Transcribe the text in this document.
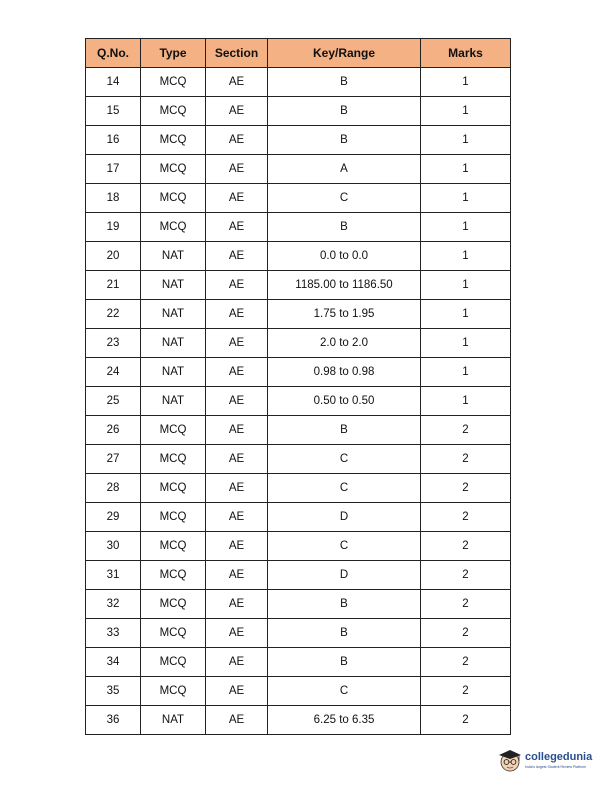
Q.No.	Type	Section	Key/Range	Marks
14	MCQ	AE	B	1
15	MCQ	AE	B	1
16	MCQ	AE	B	1
17	MCQ	AE	A	1
18	MCQ	AE	C	1
19	MCQ	AE	B	1
20	NAT	AE	0.0 to 0.0	1
21	NAT	AE	1185.00 to 1186.50	1
22	NAT	AE	1.75 to 1.95	1
23	NAT	AE	2.0 to 2.0	1
24	NAT	AE	0.98 to 0.98	1
25	NAT	AE	0.50 to 0.50	1
26	MCQ	AE	B	2
27	MCQ	AE	C	2
28	MCQ	AE	C	2
29	MCQ	AE	D	2
30	MCQ	AE	C	2
31	MCQ	AE	D	2
32	MCQ	AE	B	2
33	MCQ	AE	B	2
34	MCQ	AE	B	2
35	MCQ	AE	C	2
36	NAT	AE	6.25 to 6.35	2
collegedunia
India's largest Student Review Platform
